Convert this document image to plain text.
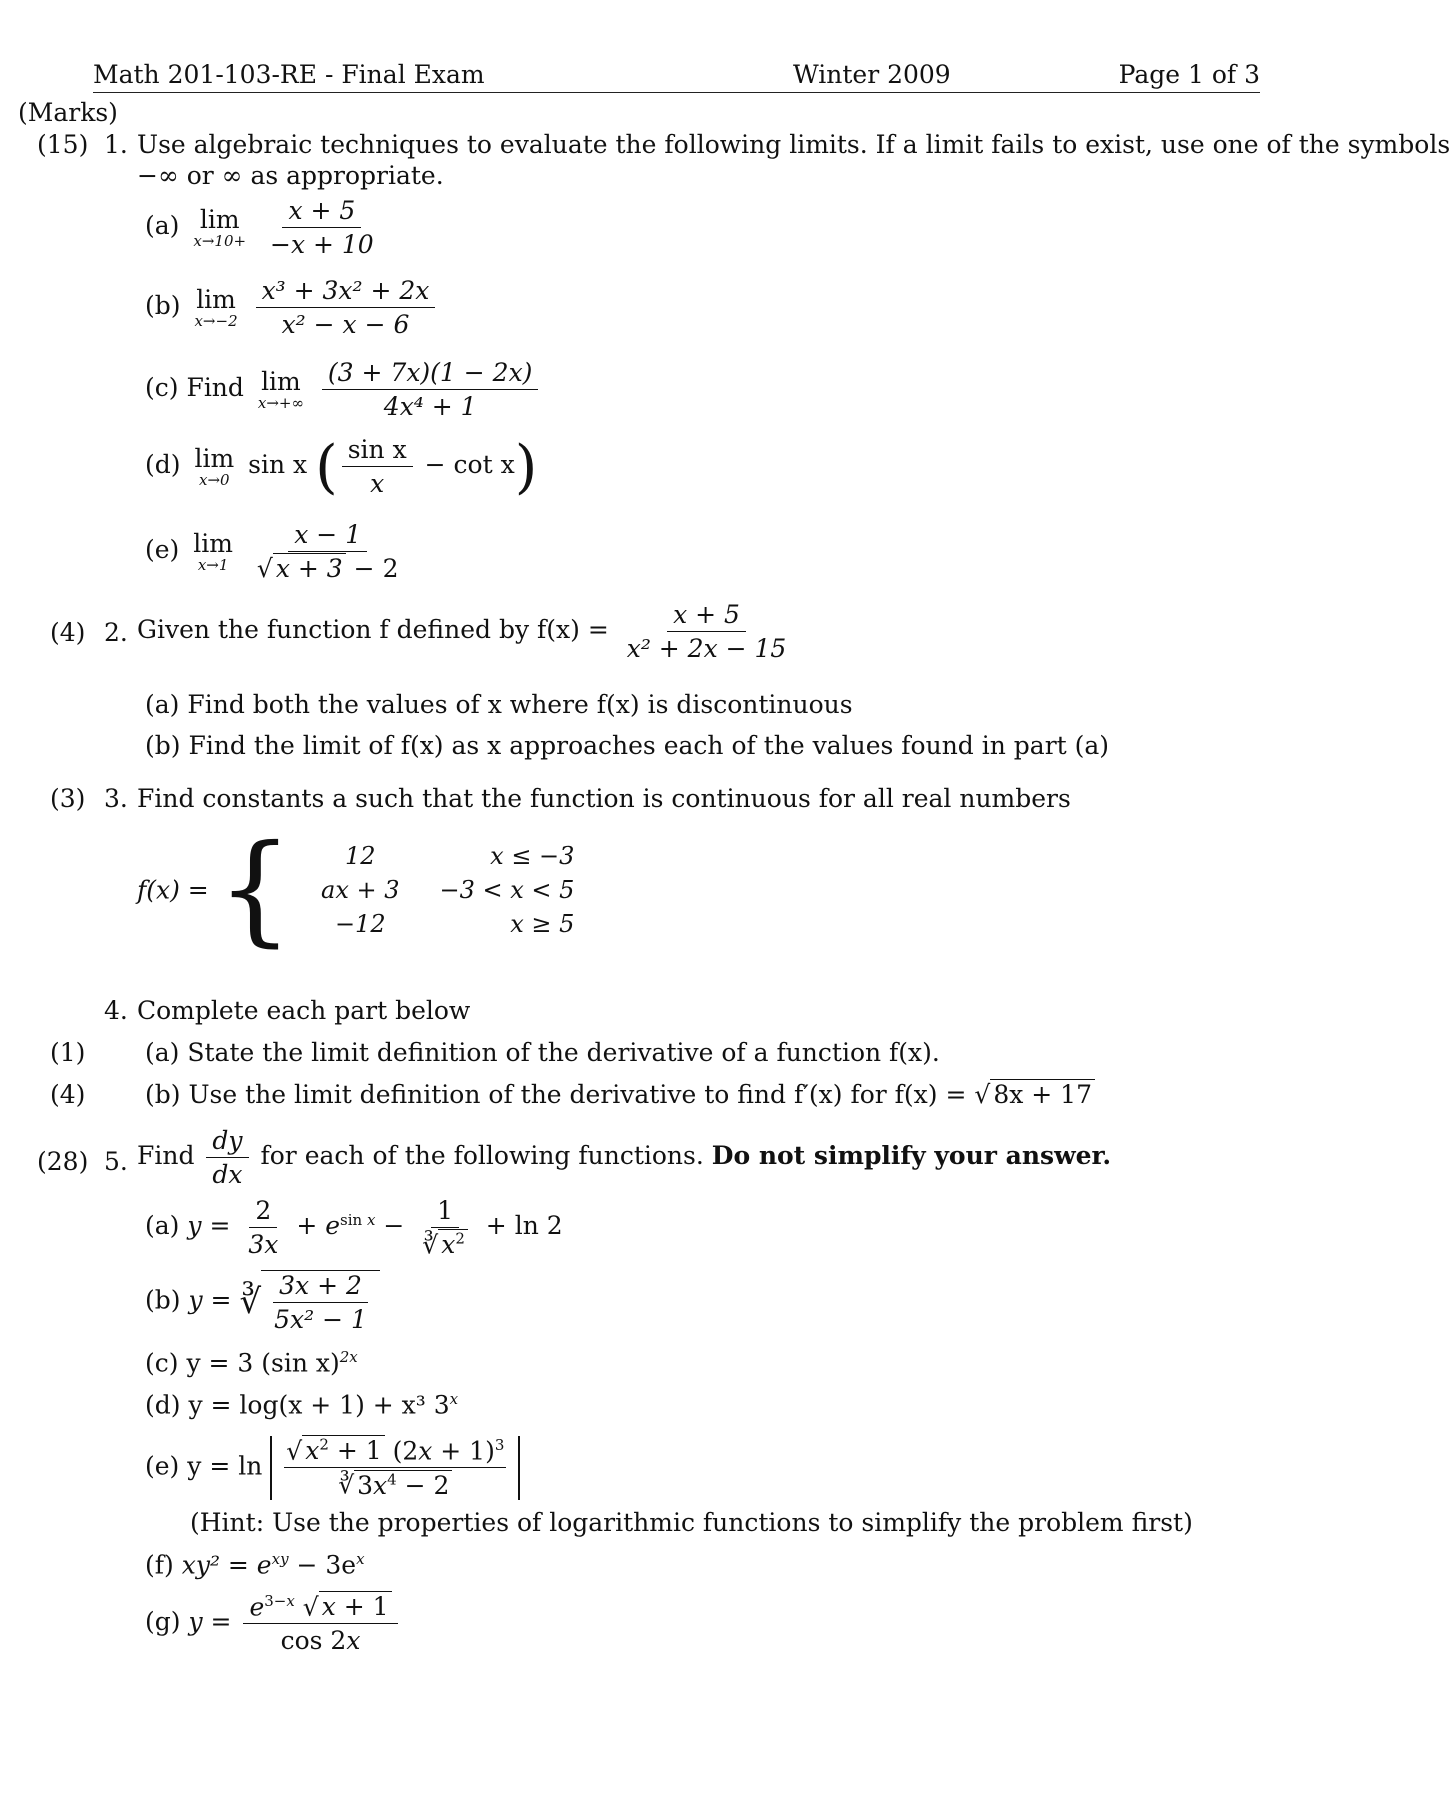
Math 201-103-RE - Final Exam	Winter 2009	Page 1 of 3
(Marks)
(15) 1. Use algebraic techniques to evaluate the following limits. If a limit fails to exist, use one of the symbols
−∞ or ∞ as appropriate.
(a) lim
x→10+
$\frac{x + 5}{-x + 10}$
(b) lim
x→−2
$\frac{\text{x³ + 3x² + 2x}}{\text{x² − x − 6}}$
(c) Find lim
x→+∞
$\frac{(3 + 7x)(1 - 2x)}{\text{4x⁴ + 1}}$
(d) lim
x→0
sin x ( $\frac{\text{sin x}}{x} - \cot x$)
(e) lim
x→1
$\frac{x - 1}{√ x + 3 - 2}$
(4) 2. Given the function f defined by $f(x) = \frac{x + 5}{\text{x² + 2x − 15}}$
(a) Find both the values of x where f(x) is discontinuous
(b) Find the limit of f(x) as x approaches each of the values found in part (a)
(3) 3. Find constants a such that the function is continuous for all real numbers
f(x) = { 12	x ≤ −3
ax + 3	−3 < x < 5
−12	x ≥ 5
4. Complete each part below
(1) (a) State the limit definition of the derivative of a function f(x).
(4) (b) Use the limit definition of the derivative to find f′(x) for f(x) = √ 8x + 17
(28) 5. Find $\frac{dy}{dx}$ for each of the following functions. Do not simplify your answer.
(a) $y = \frac{2}{3x} + e^{sin x} - \frac{1}{∛ x^2} + \ln 2$
(b) y = ∛ $\frac{3x + 2}{\text{5x² − 1}}$
(c) y = 3 (sin x)$^{2x}$
(d) y = log(x + 1) + x³ 3$^x$
(e) $y = \ln \frac{√ x^2 + 1 (2x + 1)^3}{∛ 3x^4 - 2}$
(Hint: Use the properties of logarithmic functions to simplify the problem first)
(f) $xy^2 = e^{xy} - 3e^x$
(g) $y = \frac{e^{3-x} √ x + 1}{\cos 2x}$
